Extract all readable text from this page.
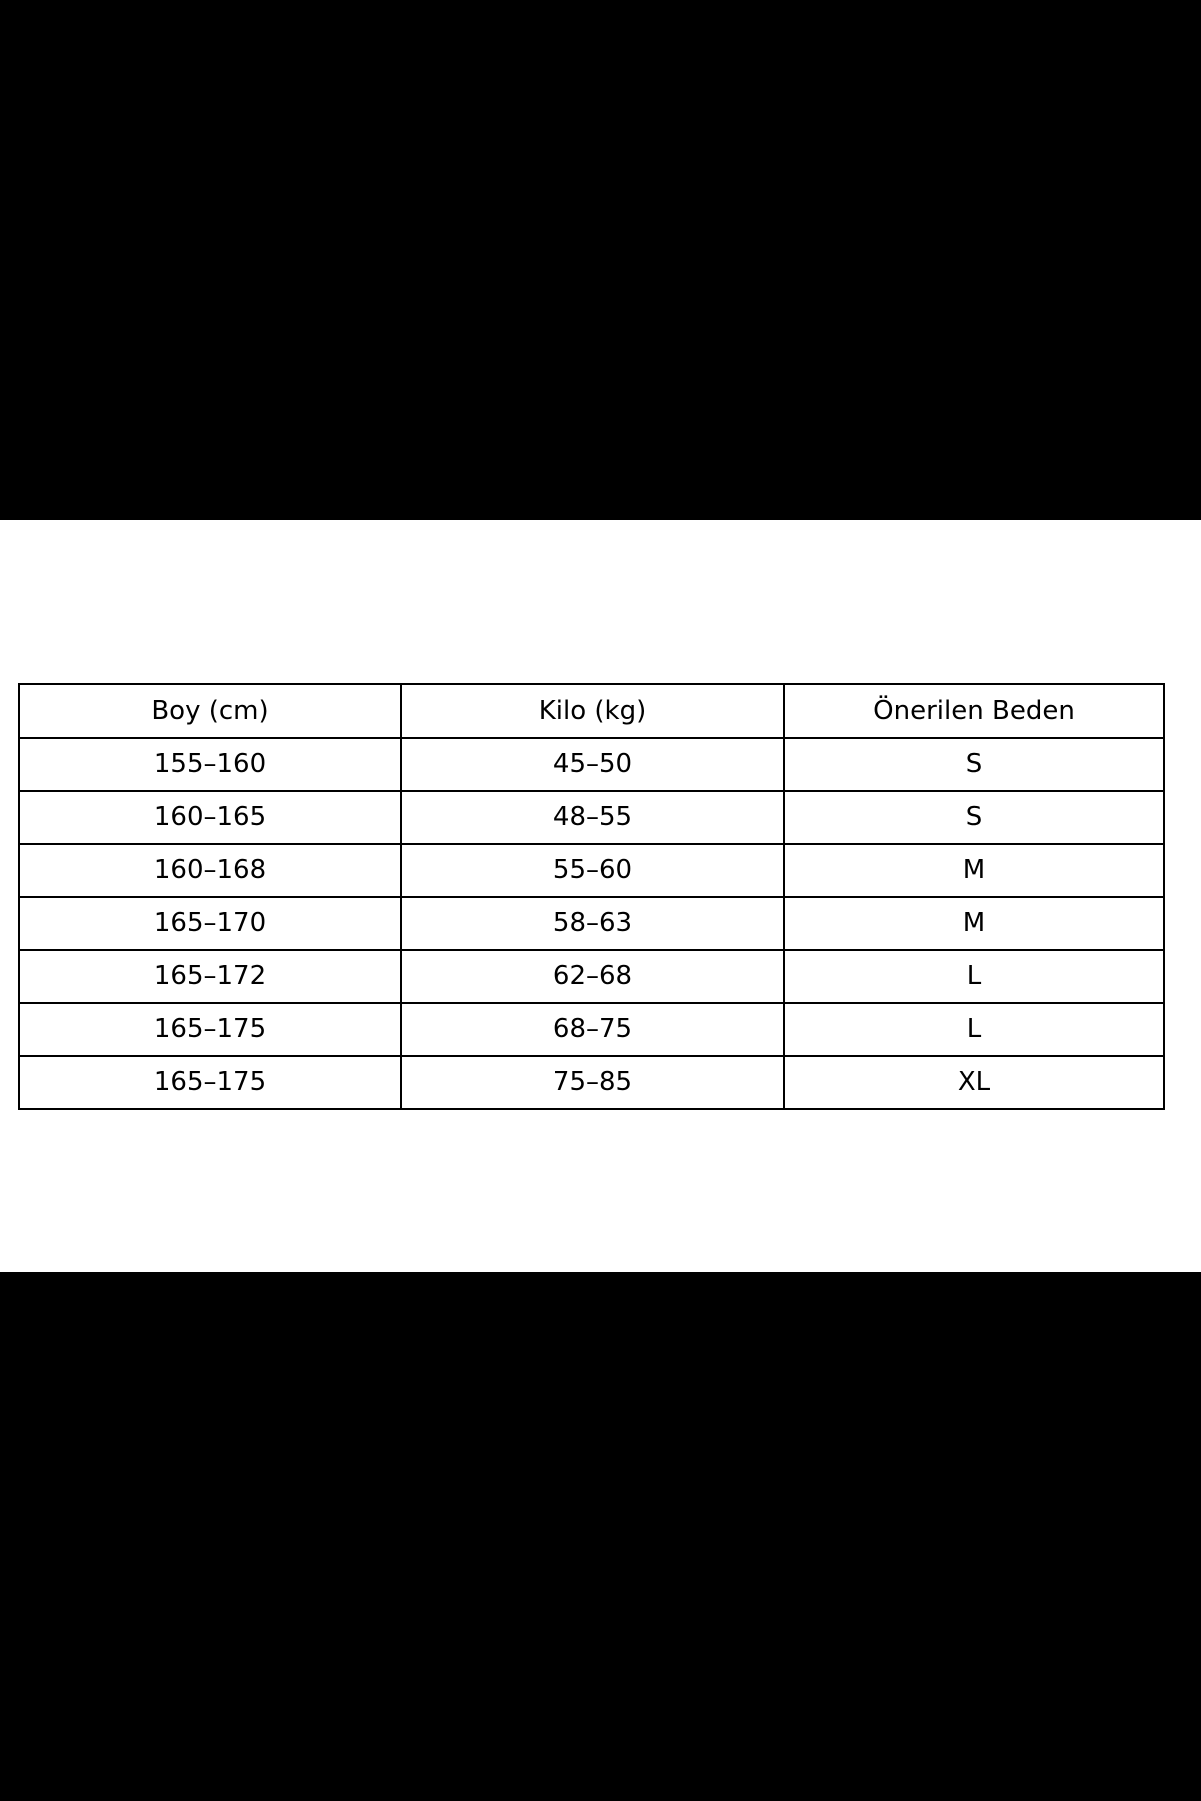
Boy (cm)	Kilo (kg)	Önerilen Beden
155–160	45–50	S
160–165	48–55	S
160–168	55–60	M
165–170	58–63	M
165–172	62–68	L
165–175	68–75	L
165–175	75–85	XL
